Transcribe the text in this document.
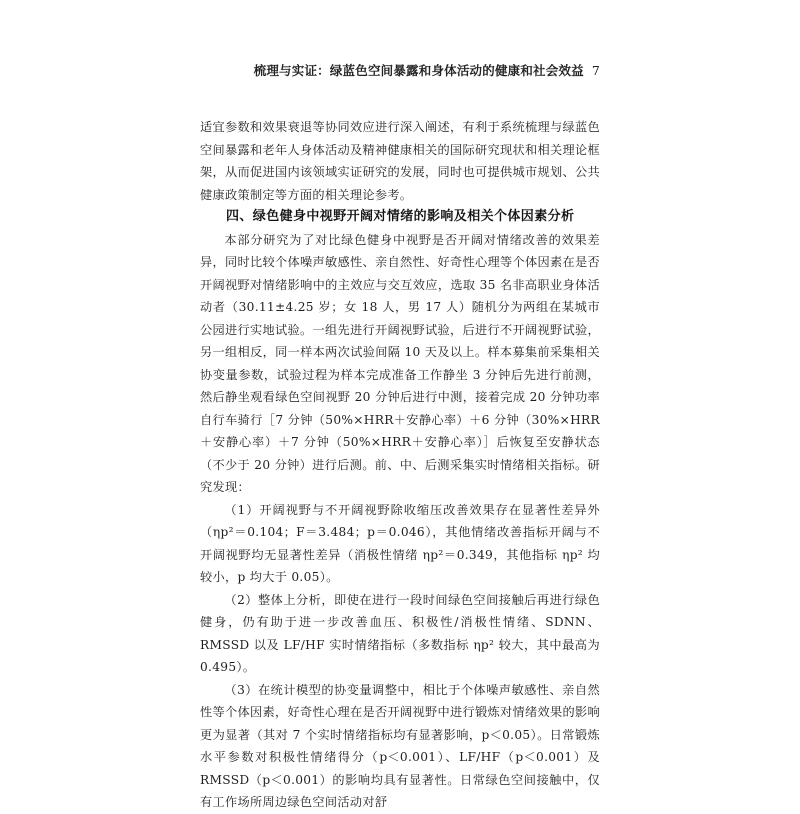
梳理与实证：绿蓝色空间暴露和身体活动的健康和社会效益 7

适宜参数和效果衰退等协同效应进行深入阐述，有利于系统梳理与绿蓝色空间暴露和老年人身体活动及精神健康相关的国际研究现状和相关理论框架，从而促进国内该领域实证研究的发展，同时也可提供城市规划、公共健康政策制定等方面的相关理论参考。

四、绿色健身中视野开阔对情绪的影响及相关个体因素分析

本部分研究为了对比绿色健身中视野是否开阔对情绪改善的效果差异，同时比较个体噪声敏感性、亲自然性、好奇性心理等个体因素在是否开阔视野对情绪影响中的主效应与交互效应，选取 35 名非高职业身体活动者（30.11±4.25 岁；女 18 人，男 17 人）随机分为两组在某城市公园进行实地试验。一组先进行开阔视野试验，后进行不开阔视野试验，另一组相反，同一样本两次试验间隔 10 天及以上。样本募集前采集相关协变量参数，试验过程为样本完成准备工作静坐 3 分钟后先进行前测，然后静坐观看绿色空间视野 20 分钟后进行中测，接着完成 20 分钟功率自行车骑行［7 分钟（50%×HRR＋安静心率）＋6 分钟（30%×HRR＋安静心率）＋7 分钟（50%×HRR＋安静心率）］后恢复至安静状态（不少于 20 分钟）进行后测。前、中、后测采集实时情绪相关指标。研究发现：

（1）开阔视野与不开阔视野除收缩压改善效果存在显著性差异外（ηp²＝0.104；F＝3.484；p＝0.046），其他情绪改善指标开阔与不开阔视野均无显著性差异（消极性情绪 ηp²＝0.349，其他指标 ηp² 均较小，p 均大于 0.05）。

（2）整体上分析，即使在进行一段时间绿色空间接触后再进行绿色健身，仍有助于进一步改善血压、积极性/消极性情绪、SDNN、RMSSD 以及 LF/HF 实时情绪指标（多数指标 ηp² 较大，其中最高为 0.495）。

（3）在统计模型的协变量调整中，相比于个体噪声敏感性、亲自然性等个体因素，好奇性心理在是否开阔视野中进行锻炼对情绪效果的影响更为显著（其对 7 个实时情绪指标均有显著影响，p＜0.05）。日常锻炼水平参数对积极性情绪得分（p＜0.001）、LF/HF（p＜0.001）及 RMSSD（p＜0.001）的影响均具有显著性。日常绿色空间接触中，仅有工作场所周边绿色空间活动对舒
